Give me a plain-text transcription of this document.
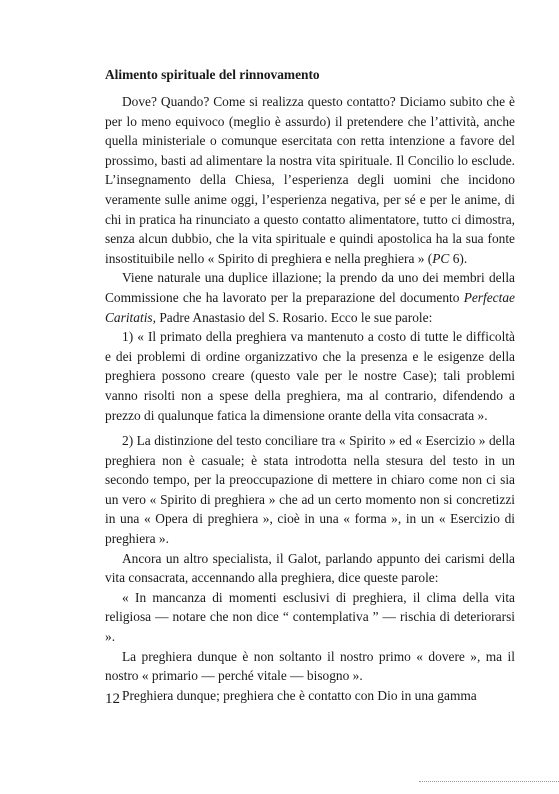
Alimento spirituale del rinnovamento

Dove? Quando? Come si realizza questo contatto? Diciamo subito che è per lo meno equivoco (meglio è assurdo) il pretendere che l’attività, anche quella ministeriale o comunque esercitata con retta intenzione a favore del prossimo, basti ad alimentare la nostra vita spirituale. Il Concilio lo esclude. L’insegnamento della Chiesa, l’esperienza degli uomini che incidono veramente sulle anime oggi, l’esperienza negativa, per sé e per le anime, di chi in pratica ha rinunciato a questo contatto alimentatore, tutto ci dimostra, senza alcun dubbio, che la vita spirituale e quindi apostolica ha la sua fonte insostituibile nello « Spirito di preghiera e nella preghiera » (PC 6).

Viene naturale una duplice illazione; la prendo da uno dei membri della Commissione che ha lavorato per la preparazione del documento Perfectae Caritatis, Padre Anastasio del S. Rosario. Ecco le sue parole:

1) « Il primato della preghiera va mantenuto a costo di tutte le difficoltà e dei problemi di ordine organizzativo che la presenza e le esigenze della preghiera possono creare (questo vale per le nostre Case); tali problemi vanno risolti non a spese della preghiera, ma al contrario, difendendo a prezzo di qualunque fatica la dimensione orante della vita consacrata ».

2) La distinzione del testo conciliare tra « Spirito » ed « Esercizio » della preghiera non è casuale; è stata introdotta nella stesura del testo in un secondo tempo, per la preoccupazione di mettere in chiaro come non ci sia un vero « Spirito di preghiera » che ad un certo momento non si concretizzi in una « Opera di preghiera », cioè in una « forma », in un « Esercizio di preghiera ».

Ancora un altro specialista, il Galot, parlando appunto dei carismi della vita consacrata, accennando alla preghiera, dice queste parole:

« In mancanza di momenti esclusivi di preghiera, il clima della vita religiosa — notare che non dice “ contemplativa ” — rischia di deteriorarsi ».

La preghiera dunque è non soltanto il nostro primo « dovere », ma il nostro « primario — perché vitale — bisogno ».

Preghiera dunque; preghiera che è contatto con Dio in una gamma

12
